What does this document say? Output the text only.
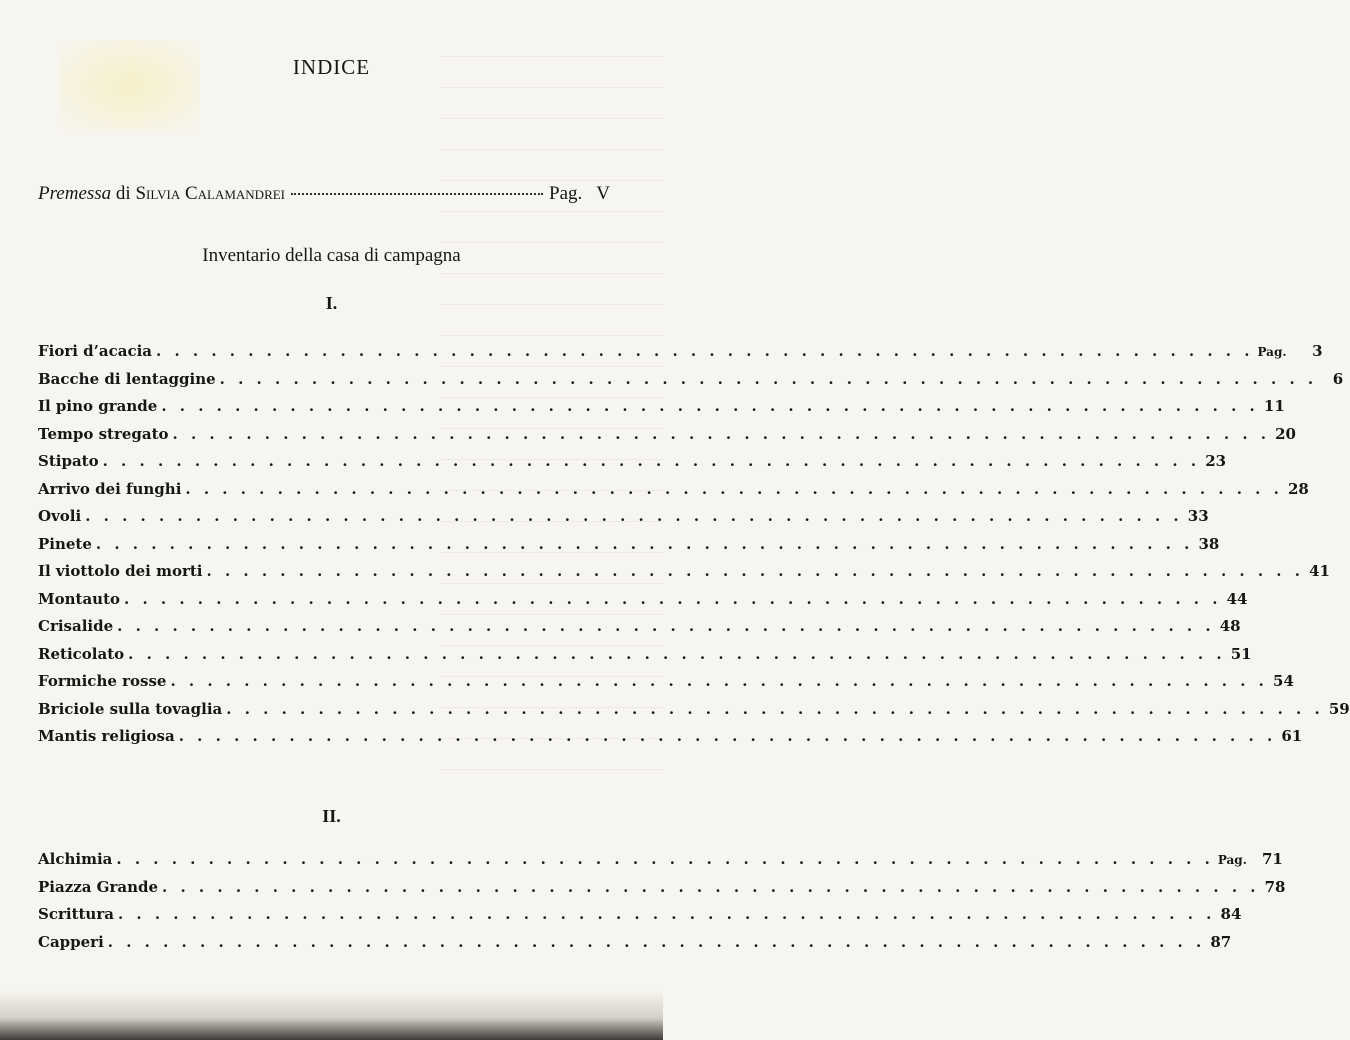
INDICE
Premessa
di
Silvia Calamandrei	Pag. V
Inventario della casa di campagna
I.
Fiori d’acacia . . . . . . . . . . . . . . . . . . . . . . . . . . . . . . . . . . . . . . . . . . . . . . . . . . . . . . . . . . . . Pag.	3
Bacche di lentaggine . . . . . . . . . . . . . . . . . . . . . . . . . . . . . . . . . . . . . . . . . . . . . . . . . . . . . . . . . . . .	6
Il pino grande . . . . . . . . . . . . . . . . . . . . . . . . . . . . . . . . . . . . . . . . . . . . . . . . . . . . . . . . . . . . 11
Tempo stregato . . . . . . . . . . . . . . . . . . . . . . . . . . . . . . . . . . . . . . . . . . . . . . . . . . . . . . . . . . . . 20
Stipato . . . . . . . . . . . . . . . . . . . . . . . . . . . . . . . . . . . . . . . . . . . . . . . . . . . . . . . . . . . . 23
Arrivo dei funghi . . . . . . . . . . . . . . . . . . . . . . . . . . . . . . . . . . . . . . . . . . . . . . . . . . . . . . . . . . . . 28
Ovoli . . . . . . . . . . . . . . . . . . . . . . . . . . . . . . . . . . . . . . . . . . . . . . . . . . . . . . . . . . . . 33
Pinete . . . . . . . . . . . . . . . . . . . . . . . . . . . . . . . . . . . . . . . . . . . . . . . . . . . . . . . . . . . . 38
Il viottolo dei morti . . . . . . . . . . . . . . . . . . . . . . . . . . . . . . . . . . . . . . . . . . . . . . . . . . . . . . . . . . . . 41
Montauto . . . . . . . . . . . . . . . . . . . . . . . . . . . . . . . . . . . . . . . . . . . . . . . . . . . . . . . . . . . . 44
Crisalide . . . . . . . . . . . . . . . . . . . . . . . . . . . . . . . . . . . . . . . . . . . . . . . . . . . . . . . . . . . . 48
Reticolato . . . . . . . . . . . . . . . . . . . . . . . . . . . . . . . . . . . . . . . . . . . . . . . . . . . . . . . . . . . . 51
Formiche rosse . . . . . . . . . . . . . . . . . . . . . . . . . . . . . . . . . . . . . . . . . . . . . . . . . . . . . . . . . . . . 54
Briciole sulla tovaglia . . . . . . . . . . . . . . . . . . . . . . . . . . . . . . . . . . . . . . . . . . . . . . . . . . . . . . . . . . . . 59
Mantis religiosa . . . . . . . . . . . . . . . . . . . . . . . . . . . . . . . . . . . . . . . . . . . . . . . . . . . . . . . . . . . . 61
II.
Alchimia . . . . . . . . . . . . . . . . . . . . . . . . . . . . . . . . . . . . . . . . . . . . . . . . . . . . . . . . . . . . Pag. 71
Piazza Grande . . . . . . . . . . . . . . . . . . . . . . . . . . . . . . . . . . . . . . . . . . . . . . . . . . . . . . . . . . . . 78
Scrittura . . . . . . . . . . . . . . . . . . . . . . . . . . . . . . . . . . . . . . . . . . . . . . . . . . . . . . . . . . . . 84
Capperi . . . . . . . . . . . . . . . . . . . . . . . . . . . . . . . . . . . . . . . . . . . . . . . . . . . . . . . . . . . . 87
